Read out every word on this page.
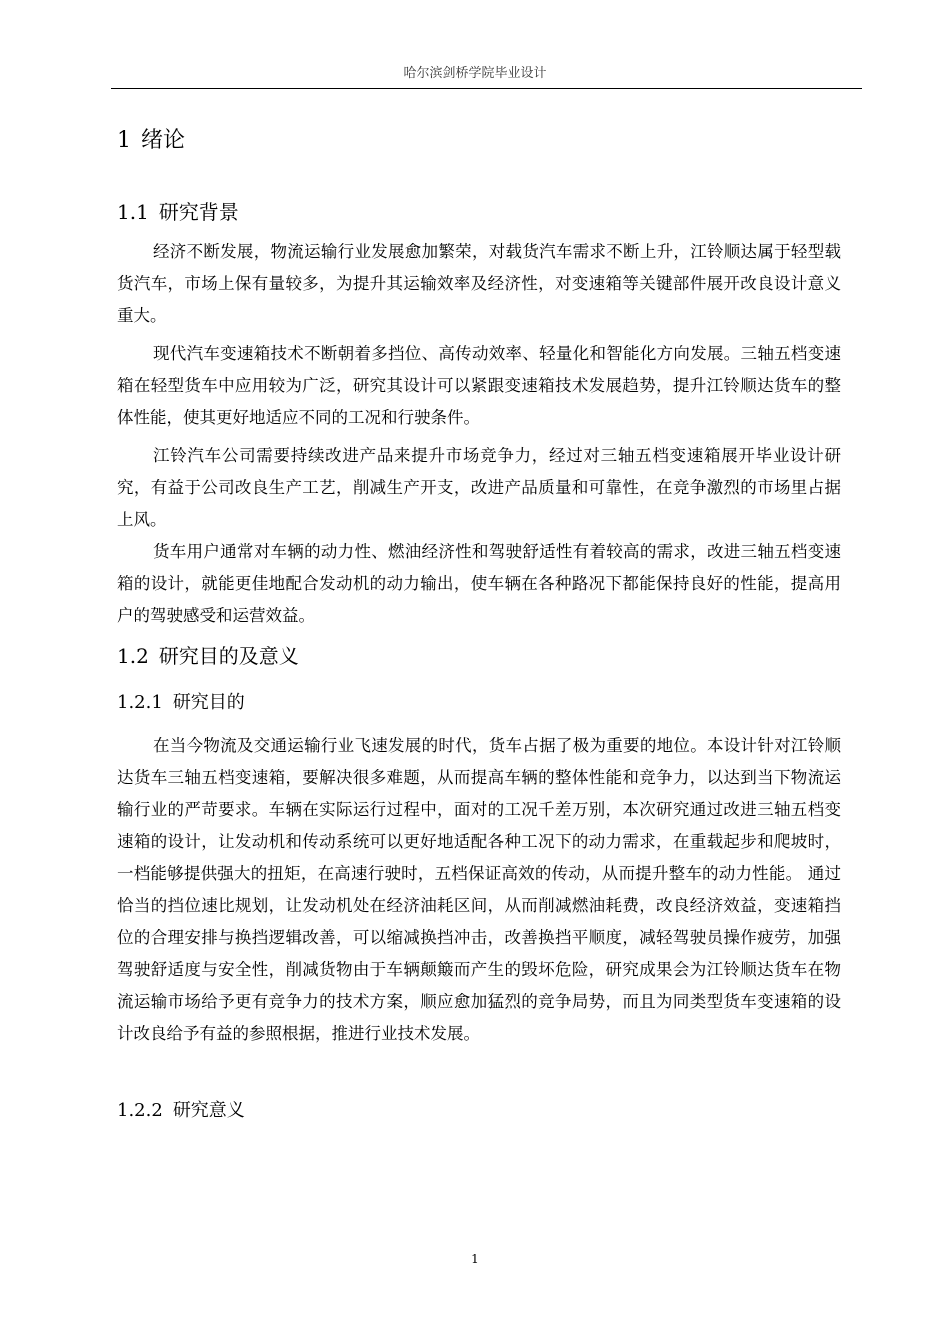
哈尔滨剑桥学院毕业设计
1 绪论
1.1 研究背景

经济不断发展，物流运输行业发展愈加繁荣，对载货汽车需求不断上升，江铃顺达属于轻型载货汽车，市场上保有量较多，为提升其运输效率及经济性，对变速箱等关键部件展开改良设计意义重大。

现代汽车变速箱技术不断朝着多挡位、高传动效率、轻量化和智能化方向发展。三轴五档变速箱在轻型货车中应用较为广泛，研究其设计可以紧跟变速箱技术发展趋势，提升江铃顺达货车的整体性能，使其更好地适应不同的工况和行驶条件。

江铃汽车公司需要持续改进产品来提升市场竞争力，经过对三轴五档变速箱展开毕业设计研究，有益于公司改良生产工艺，削减生产开支，改进产品质量和可靠性，在竞争激烈的市场里占据上风。

货车用户通常对车辆的动力性、燃油经济性和驾驶舒适性有着较高的需求，改进三轴五档变速箱的设计，就能更佳地配合发动机的动力输出，使车辆在各种路况下都能保持良好的性能，提高用户的驾驶感受和运营效益。

1.2 研究目的及意义
1.2.1 研究目的

在当今物流及交通运输行业飞速发展的时代，货车占据了极为重要的地位。本设计针对江铃顺达货车三轴五档变速箱，要解决很多难题，从而提高车辆的整体性能和竞争力，以达到当下物流运输行业的严苛要求。车辆在实际运行过程中，面对的工况千差万别，本次研究通过改进三轴五档变速箱的设计，让发动机和传动系统可以更好地适配各种工况下的动力需求，在重载起步和爬坡时，一档能够提供强大的扭矩，在高速行驶时，五档保证高效的传动，从而提升整车的动力性能。 通过恰当的挡位速比规划，让发动机处在经济油耗区间，从而削减燃油耗费，改良经济效益，变速箱挡位的合理安排与换挡逻辑改善，可以缩减换挡冲击，改善换挡平顺度，减轻驾驶员操作疲劳，加强驾驶舒适度与安全性，削减货物由于车辆颠簸而产生的毁坏危险，研究成果会为江铃顺达货车在物流运输市场给予更有竞争力的技术方案，顺应愈加猛烈的竞争局势，而且为同类型货车变速箱的设计改良给予有益的参照根据，推进行业技术发展。

1.2.2 研究意义
1
